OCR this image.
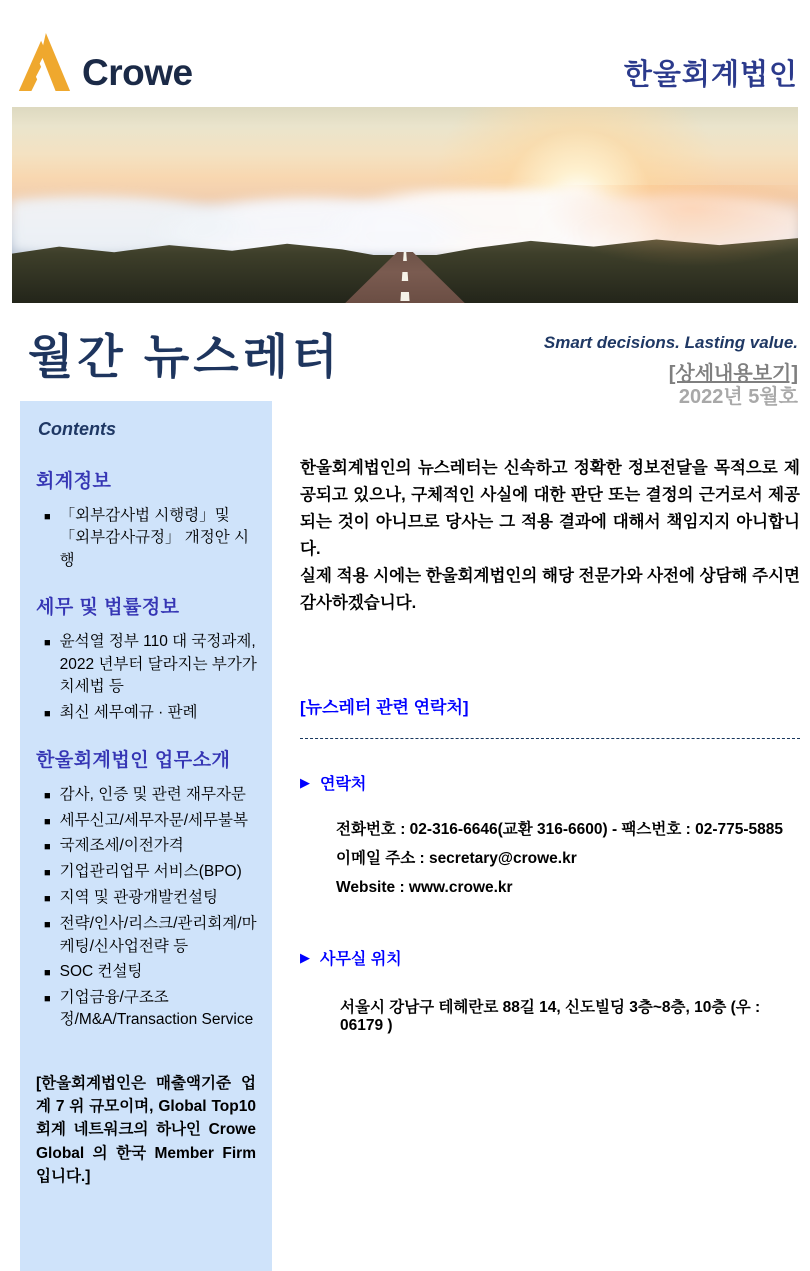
Crowe	한울회계법인
월간 뉴스레터	Smart decisions. Lasting value.
[상세내용보기]
2022년 5월호
Contents
회계정보
■
「외부감사법 시행령」및 「외부감사규정」 개정안 시행
세무 및 법률정보
■
윤석열 정부 110 대 국정과제, 2022 년부터 달라지는 부가가치세법 등
■
최신 세무예규 · 판례
한울회계법인 업무소개
■
감사, 인증 및 관련 재무자문
■
세무신고/세무자문/세무불복
■
국제조세/이전가격
■
기업관리업무 서비스(BPO)
■
지역 및 관광개발컨설팅
■
전략/인사/리스크/관리회계/마케팅/신사업전략 등
■
SOC 컨설팅
■
기업금융/구조조정/M&A/Transaction Service

[한울회계법인은 매출액기준 업계 7 위 규모이며, Global Top10 회계 네트워크의 하나인 Crowe Global 의 한국 Member Firm 입니다.]

한울회계법인의 뉴스레터는 신속하고 정확한 정보전달을 목적으로 제공되고 있으나, 구체적인 사실에 대한 판단 또는 결정의 근거로서 제공되는 것이 아니므로 당사는 그 적용 결과에 대해서 책임지지 아니합니다.

실제 적용 시에는 한울회계법인의 해당 전문가와 사전에 상담해 주시면 감사하겠습니다.

[뉴스레터 관련 연락처]
▶
연락처
전화번호 : 02-316-6646(교환 316-6600) - 팩스번호 : 02-775-5885
이메일 주소 : secretary@crowe.kr
Website : www.crowe.kr
▶
사무실 위치
서울시 강남구 테헤란로 88길 14, 신도빌딩 3층~8층, 10층 (우 : 06179 )
